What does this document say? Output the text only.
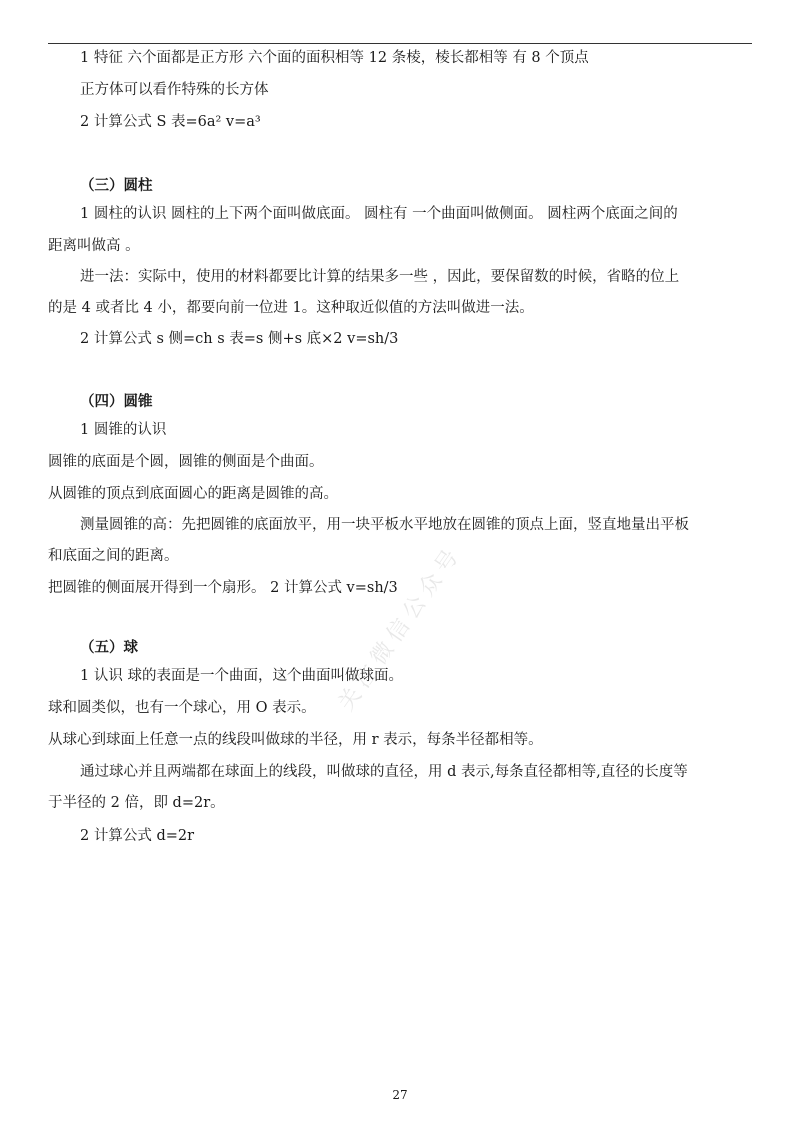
1 特征 六个面都是正方形 六个面的面积相等 12 条棱，棱长都相等 有 8 个顶点
正方体可以看作特殊的长方体
2 计算公式 S 表=6a² v=a³
（三）圆柱
1 圆柱的认识 圆柱的上下两个面叫做底面。 圆柱有 一个曲面叫做侧面。 圆柱两个底面之间的
距离叫做高 。
进一法：实际中，使用的材料都要比计算的结果多一些 ，因此，要保留数的时候，省略的位上
的是 4 或者比 4 小，都要向前一位进 1。这种取近似值的方法叫做进一法。
2 计算公式 s 侧=ch s 表=s 侧+s 底×2 v=sh/3
（四）圆锥
1 圆锥的认识
圆锥的底面是个圆，圆锥的侧面是个曲面。
从圆锥的顶点到底面圆心的距离是圆锥的高。
测量圆锥的高：先把圆锥的底面放平，用一块平板水平地放在圆锥的顶点上面，竖直地量出平板
和底面之间的距离。
把圆锥的侧面展开得到一个扇形。 2 计算公式 v=sh/3
（五）球
1 认识 球的表面是一个曲面，这个曲面叫做球面。
球和圆类似，也有一个球心，用 O 表示。
从球心到球面上任意一点的线段叫做球的半径，用 r 表示，每条半径都相等。
通过球心并且两端都在球面上的线段，叫做球的直径，用 d 表示,每条直径都相等,直径的长度等
于半径的 2 倍，即 d=2r。
2 计算公式 d=2r
关注微信公众号
27
